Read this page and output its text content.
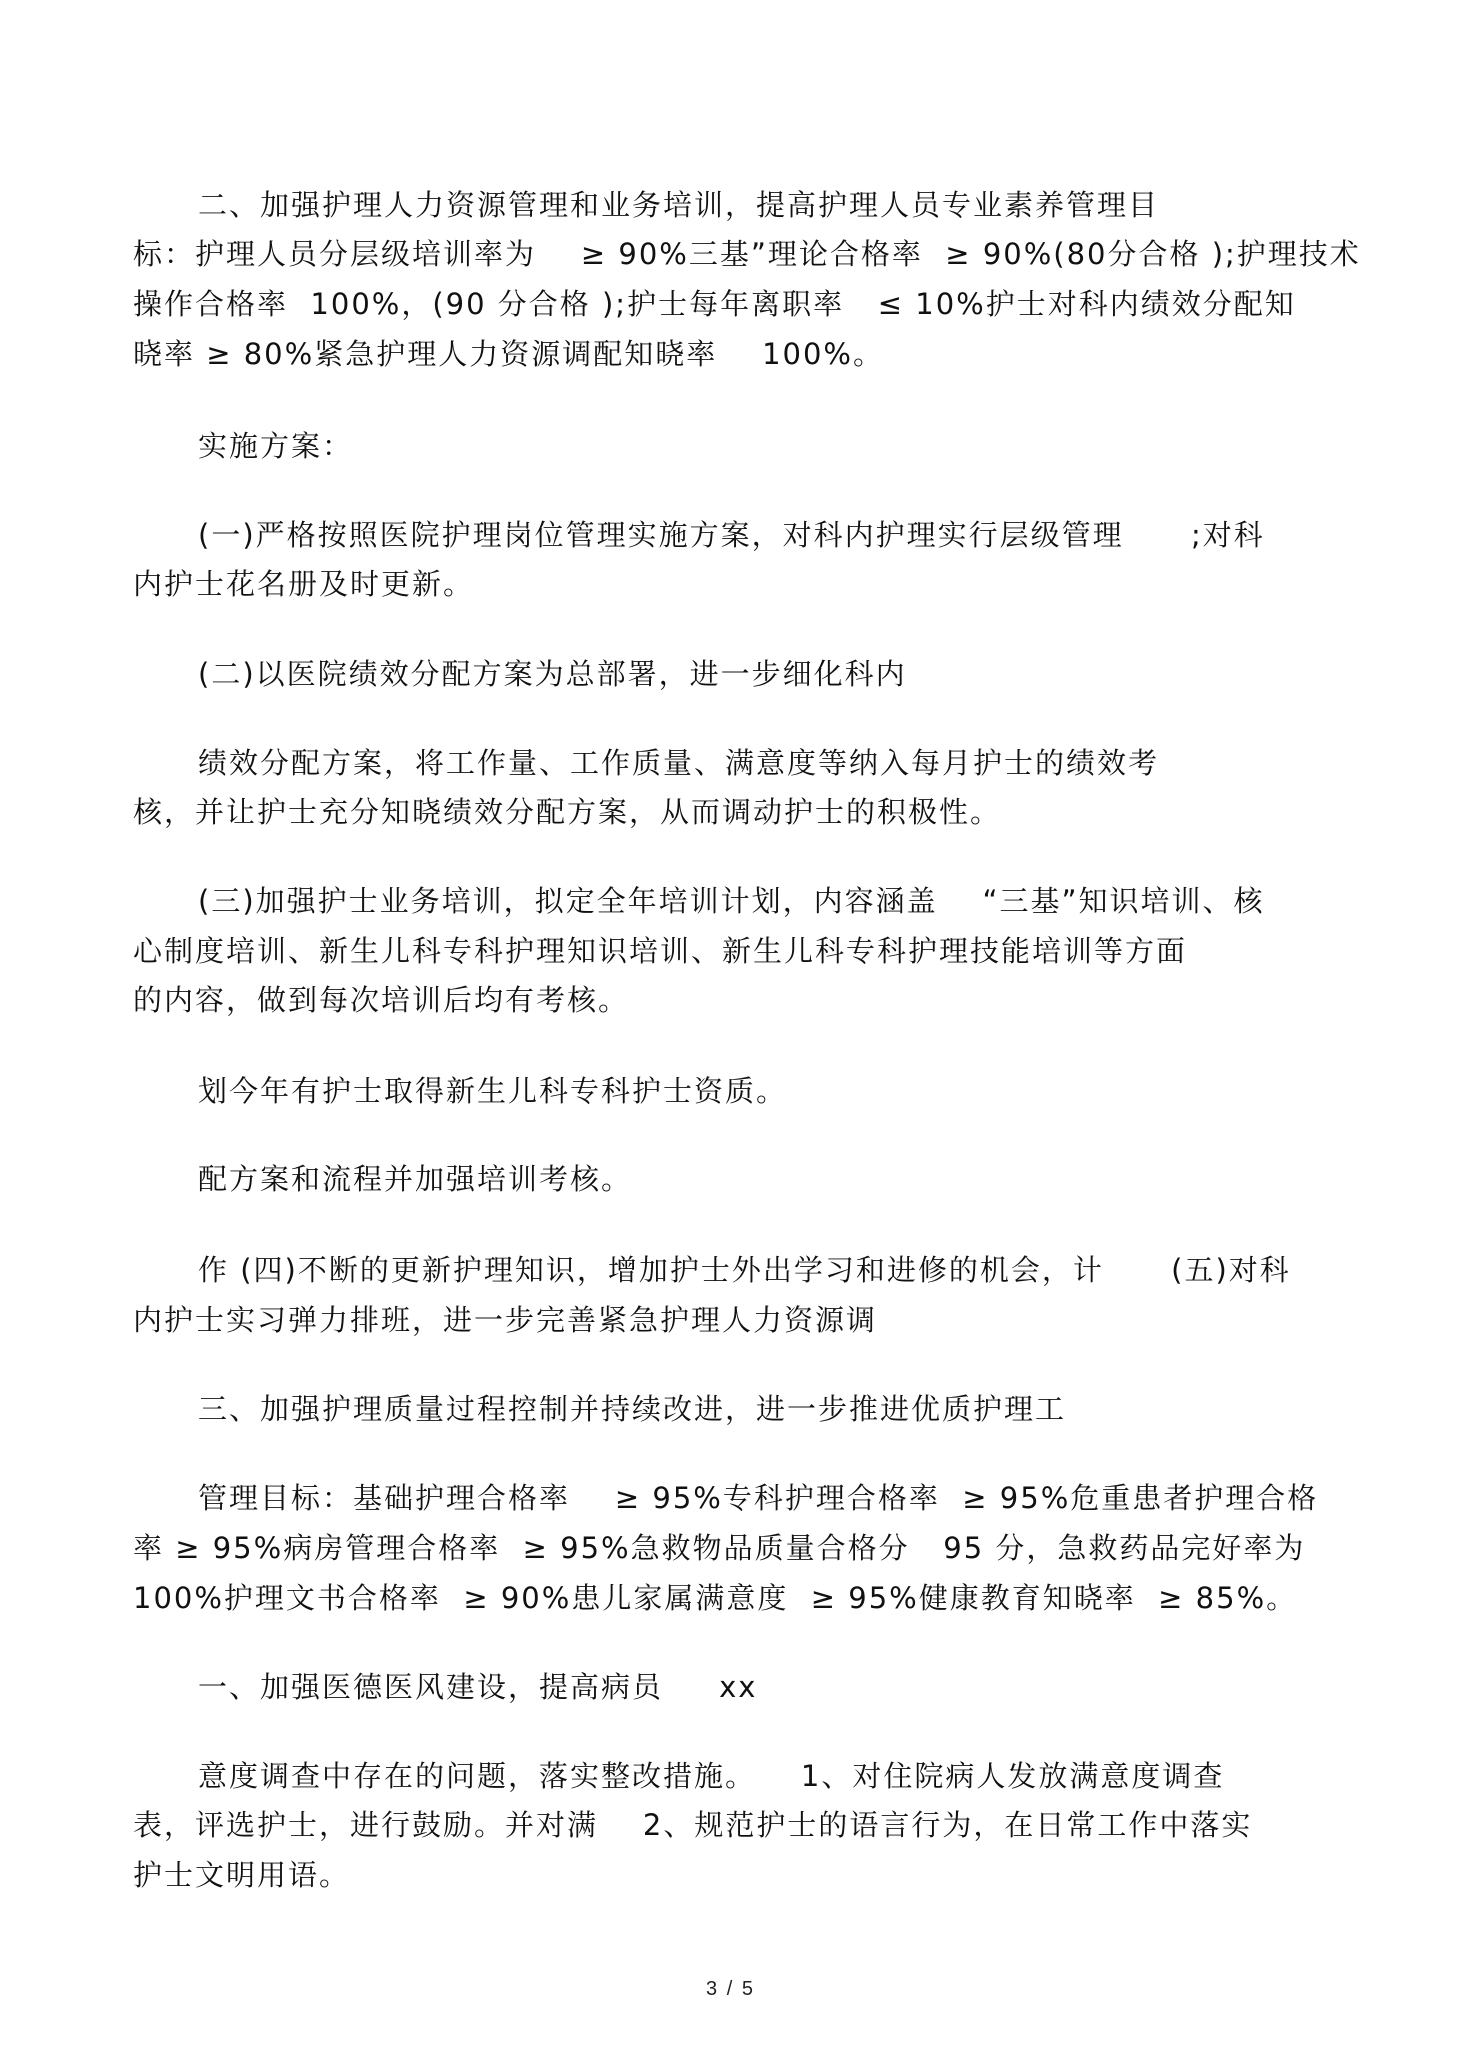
二、加强护理人力资源管理和业务培训，提高护理人员专业素养管理目
标：护理人员分层级培训率为    ≥ 90%三基”理论合格率  ≥ 90%(80分合格 );护理技术
操作合格率  100%，(90 分合格 );护士每年离职率   ≤ 10%护士对科内绩效分配知
晓率 ≥ 80%紧急护理人力资源调配知晓率    100%。
实施方案：
(一)严格按照医院护理岗位管理实施方案，对科内护理实行层级管理      ;对科
内护士花名册及时更新。
(二)以医院绩效分配方案为总部署，进一步细化科内
绩效分配方案，将工作量、工作质量、满意度等纳入每月护士的绩效考
核，并让护士充分知晓绩效分配方案，从而调动护士的积极性。
(三)加强护士业务培训，拟定全年培训计划，内容涵盖    “三基”知识培训、核
心制度培训、新生儿科专科护理知识培训、新生儿科专科护理技能培训等方面
的内容，做到每次培训后均有考核。
划今年有护士取得新生儿科专科护士资质。
配方案和流程并加强培训考核。
作 (四)不断的更新护理知识，增加护士外出学习和进修的机会，计      (五)对科
内护士实习弹力排班，进一步完善紧急护理人力资源调
三、加强护理质量过程控制并持续改进，进一步推进优质护理工
管理目标：基础护理合格率    ≥ 95%专科护理合格率  ≥ 95%危重患者护理合格
率 ≥ 95%病房管理合格率  ≥ 95%急救物品质量合格分   95 分，急救药品完好率为
100%护理文书合格率  ≥ 90%患儿家属满意度  ≥ 95%健康教育知晓率  ≥ 85%。
一、加强医德医风建设，提高病员     xx
意度调查中存在的问题，落实整改措施。    1、对住院病人发放满意度调查
表，评选护士，进行鼓励。并对满    2、规范护士的语言行为，在日常工作中落实
护士文明用语。
3 / 5
